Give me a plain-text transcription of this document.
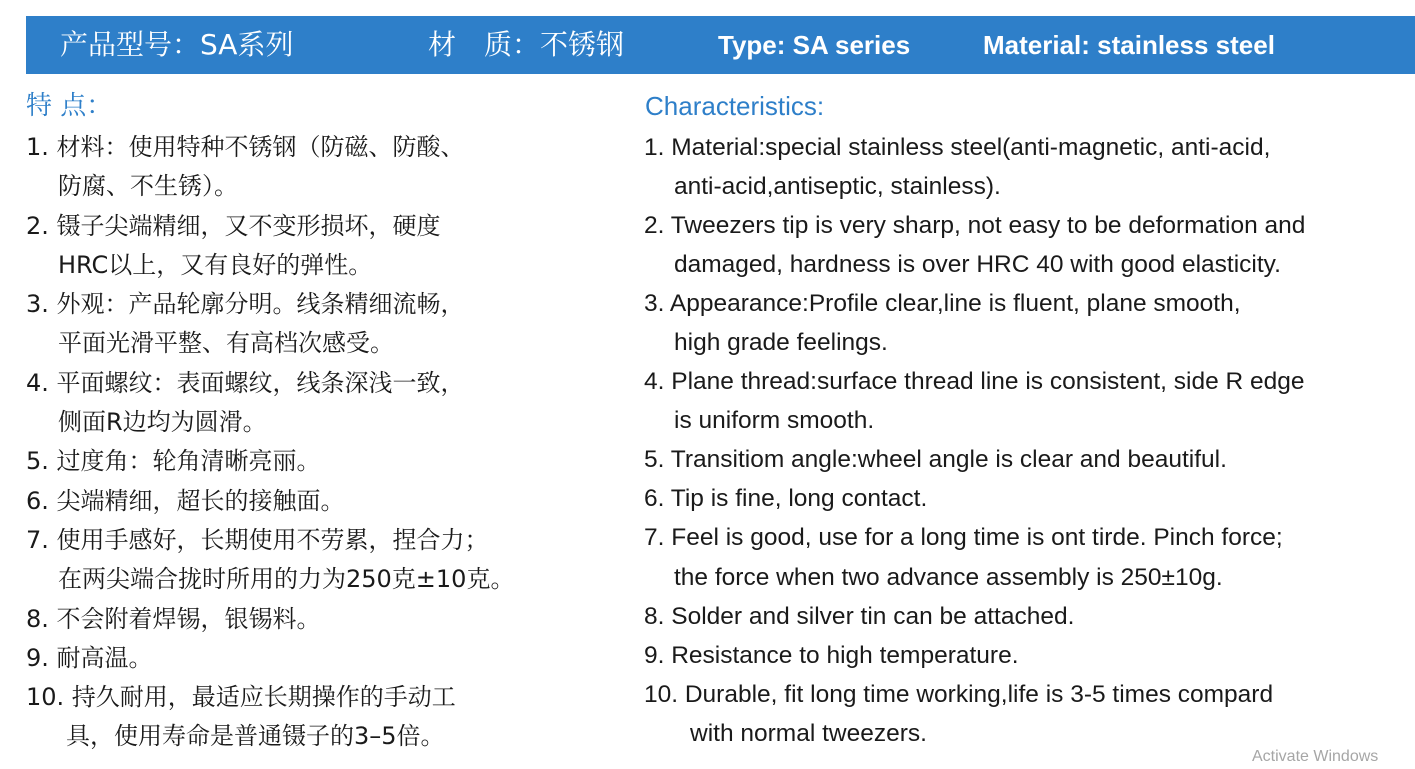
产品型号：SA系列	材　质：不锈钢	Type: SA series	Material: stainless steel
特 点：	Characteristics:
1. 材料：使用特种不锈钢（防磁、防酸、
防腐、不生锈）。
2. 镊子尖端精细，又不变形损坏，硬度
HRC以上，又有良好的弹性。
3. 外观：产品轮廓分明。线条精细流畅，
平面光滑平整、有高档次感受。
4. 平面螺纹：表面螺纹，线条深浅一致，
侧面R边均为圆滑。
5. 过度角：轮角清晰亮丽。
6. 尖端精细，超长的接触面。
7. 使用手感好，长期使用不劳累，捏合力；
在两尖端合拢时所用的力为250克±10克。
8. 不会附着焊锡，银锡料。
9. 耐高温。
10. 持久耐用，最适应长期操作的手动工
具，使用寿命是普通镊子的3–5倍。
1. Material:special stainless steel(anti-magnetic, anti-acid,
anti-acid,antiseptic, stainless).
2. Tweezers tip is very sharp, not easy to be deformation and
damaged, hardness is over HRC 40 with good elasticity.
3. Appearance:Profile clear,line is fluent, plane smooth,
high grade feelings.
4. Plane thread:surface thread line is consistent, side R edge
is uniform smooth.
5. Transitiom angle:wheel angle is clear and beautiful.
6. Tip is fine, long contact.
7. Feel is good, use for a long time is ont tirde. Pinch force;
the force when two advance assembly is 250±10g.
8. Solder and silver tin can be attached.
9. Resistance to high temperature.
10. Durable, fit long time working,life is 3-5 times compard
with normal tweezers.
Activate Windows
